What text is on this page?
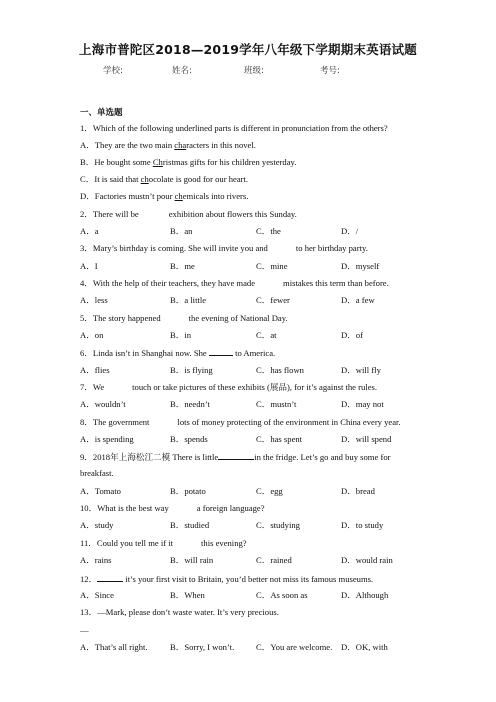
上海市普陀区2018—2019学年八年级下学期期末英语试题
学校:	姓名:	班级:	考号:
一、单选题
1．Which of the following underlined parts is different in pronunciation from the others?
A．They are the two main characters in this novel.
B．He bought some Christmas gifts for his children yesterday.
C．It is said that chocolate is good for our heart.
D．Factories mustn’t pour chemicals into rivers.
2．There will be	exhibition about flowers this Sunday.
A．a	B．an	C．the	D．/
3．Mary’s birthday is coming. She will invite you and	to her birthday party.
A．I	B．me	C．mine	D．myself
4．With the help of their teachers, they have made	mistakes this term than before.
A．less	B．a little	C．fewer	D．a few
5．The story happened	the evening of National Day.
A．on	B．in	C．at	D．of
6．Linda isn’t in Shanghai now. She	to America.
A．flies	B．is flying	C．has flown	D．will fly
7．We	touch or take pictures of these exhibits (展品), for it’s against the rules.
A．wouldn’t	B．needn’t	C．mustn’t	D．may not
8．The government	lots of money protecting of the environment in China every year.
A．is spending	B．spends	C．has spent	D．will spend
9．2018年上海松江二模 There is little	in the fridge. Let’s go and buy some for
breakfast.
A．Tomato	B．potato	C．egg	D．bread
10．What is the best way	a foreign language?
A．study	B．studied	C．studying	D．to study
11．Could you tell me if it	this evening?
A．rains	B．will rain	C．rained	D．would rain
12．	it’s your first visit to Britain, you’d better not miss its famous museums.
A．Since	B．When	C．As soon as	D．Although
13．—Mark, please don’t waste water. It’s very precious.
—
A．That’s all right.	B．Sorry, I won’t.	C．You are welcome. D．OK, with
